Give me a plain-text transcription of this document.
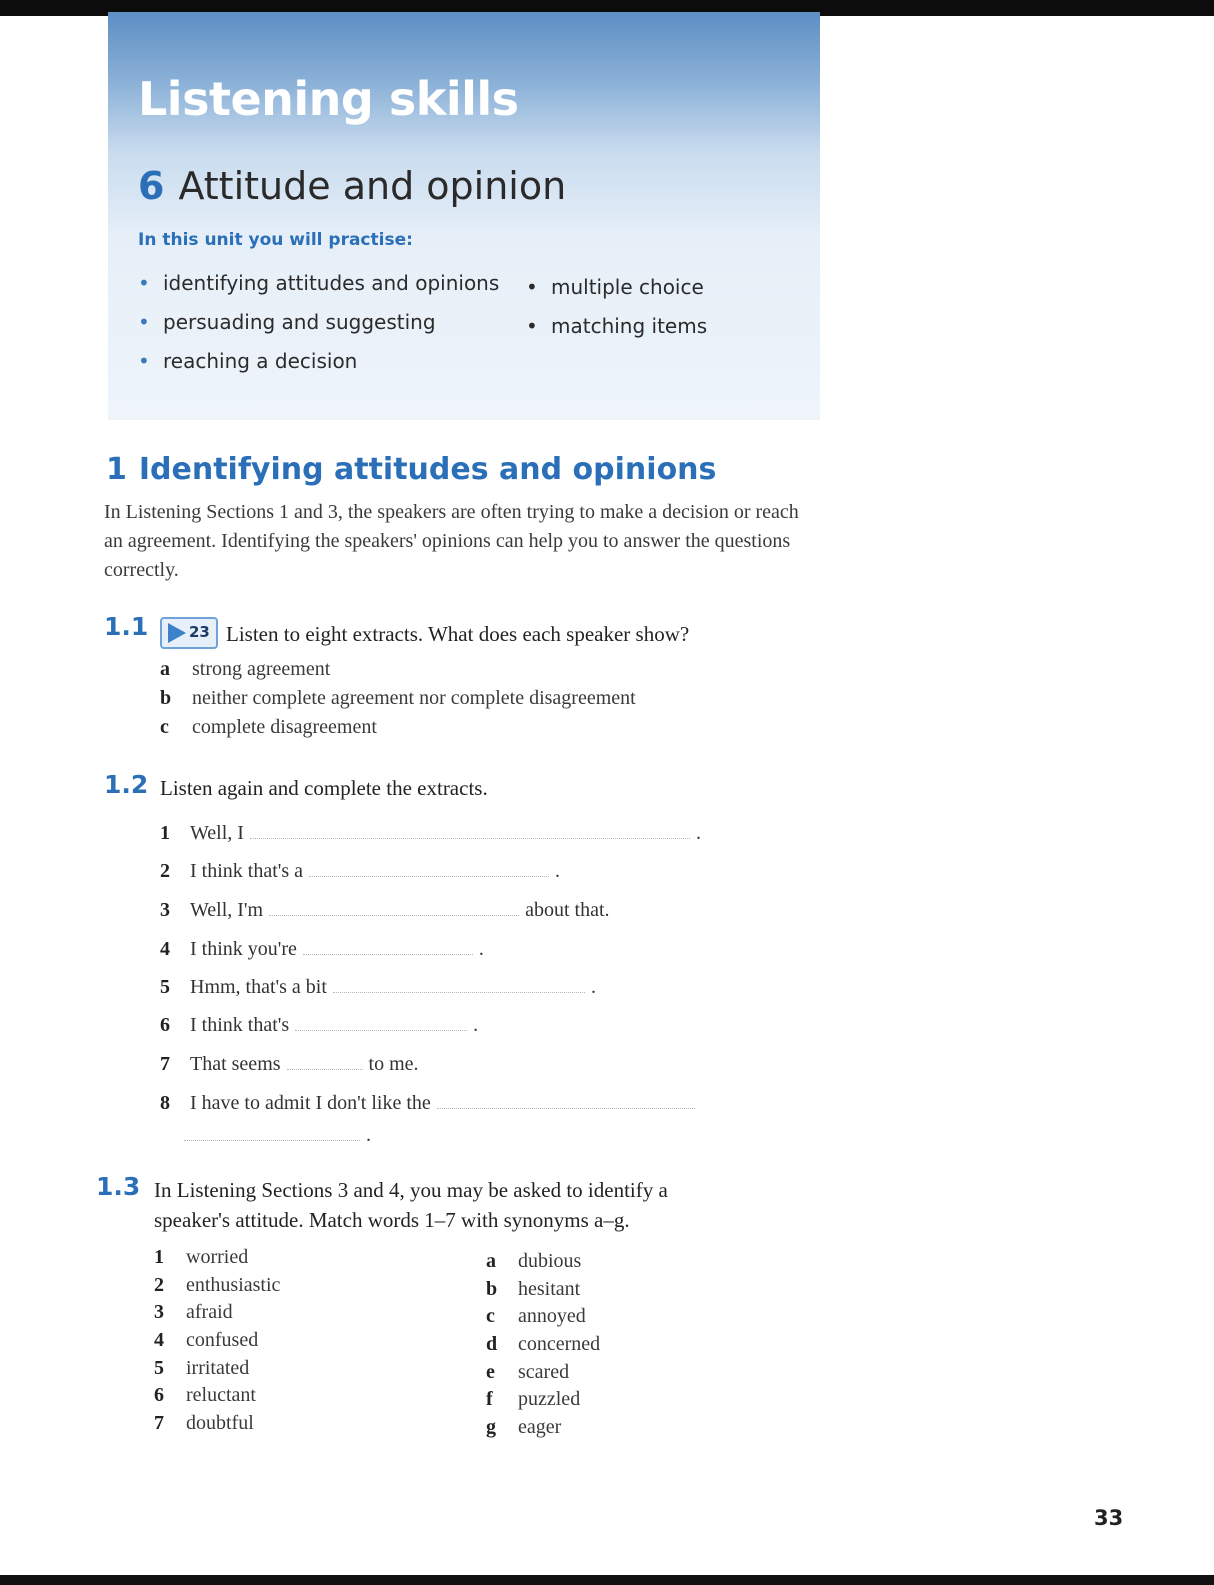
Listening skills
6 Attitude and opinion
In this unit you will practise:
• identifying attitudes and opinions
• persuading and suggesting
• reaching a decision
• multiple choice
• matching items
1 Identifying attitudes and opinions
In Listening Sections 1 and 3, the speakers are often trying to make a decision or reach an agreement. Identifying the speakers' opinions can help you to answer the questions correctly.
1.1	23 Listen to eight extracts. What does each speaker show?
a strong agreement
b neither complete agreement nor complete disagreement
c complete disagreement
1.2 Listen again and complete the extracts.
1 Well, I	.
2 I think that's a	.
3 Well, I'm	about that.
4 I think you're	.
5 Hmm, that's a bit	.
6 I think that's	.
7 That seems	to me.
8 I have to admit I don't like the
.
1.3 In Listening Sections 3 and 4, you may be asked to identify a
speaker's attitude. Match words 1–7 with synonyms a–g.
1 worried
2 enthusiastic
3 afraid
4 confused
5 irritated
6 reluctant
7 doubtful
a dubious
b hesitant
c annoyed
d concerned
e scared
f puzzled
g eager
33
